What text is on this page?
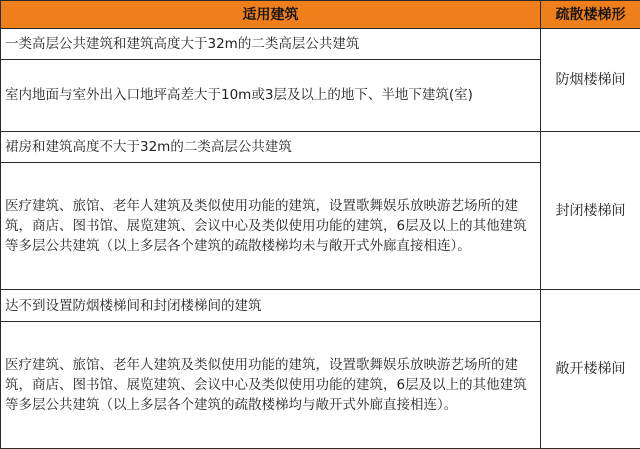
适用建筑	疏散楼梯形
一类高层公共建筑和建筑高度大于32m的二类高层公共建筑	防烟楼梯间
室内地面与室外出入口地坪高差大于10m或3层及以上的地下、半地下建筑(室)	
裙房和建筑高度不大于32m的二类高层公共建筑	封闭楼梯间
医疗建筑、旅馆、老年人建筑及类似使用功能的建筑，设置歌舞娱乐放映游艺场所的建筑，商店、图书馆、展览建筑、会议中心及类似使用功能的建筑，6层及以上的其他建筑等多层公共建筑（以上多层各个建筑的疏散楼梯均未与敞开式外廊直接相连）。	
达不到设置防烟楼梯间和封闭楼梯间的建筑	敞开楼梯间
医疗建筑、旅馆、老年人建筑及类似使用功能的建筑，设置歌舞娱乐放映游艺场所的建筑，商店、图书馆、展览建筑、会议中心及类似使用功能的建筑，6层及以上的其他建筑等多层公共建筑（以上多层各个建筑的疏散楼梯均与敞开式外廊直接相连）。	
